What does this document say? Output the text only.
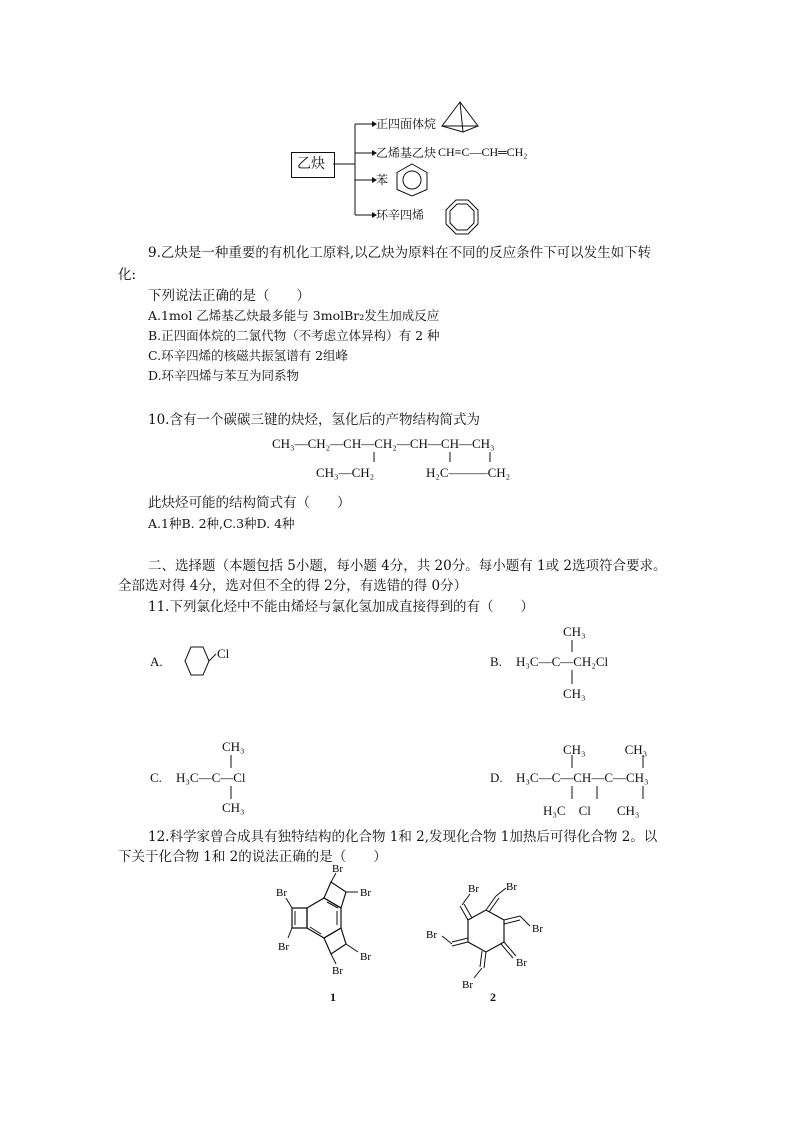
乙炔
正四面体烷
乙烯基乙炔 CH≡C—CH═CH₂
苯
环辛四烯
9.乙炔是一种重要的有机化工原料,以乙炔为原料在不同的反应条件下可以发生如下转
化:
下列说法正确的是（　　）
A.1mol 乙烯基乙炔最多能与 3molBr₂发生加成反应
B.正四面体烷的二氯代物（不考虑立体异构）有 2 种
C.环辛四烯的核磁共振氢谱有 2组峰
D.环辛四烯与苯互为同系物
10.含有一个碳碳三键的炔烃，氢化后的产物结构简式为
CH₃—CH₂—CH—CH₂—CH—CH—CH₃
CH₃—CH₂	H₂C———CH₂
此炔烃可能的结构简式有（　　）
A.1种B. 2种,C.3种D. 4种
二、选择题（本题包括 5小题，每小题 4分，共 20分。每小题有 1或 2选项符合要求。
全部选对得 4分，选对但不全的得 2分，有选错的得 0分）
11.下列氯化烃中不能由烯烃与氯化氢加成直接得到的有（　　）
A.
Cl
B.
CH₃
H₃C—C—CH₂Cl
CH₃
C.
CH₃
H₃C—C—Cl
CH₃
D.
CH₃　　　CH₃
H₃C—C—CH—C—CH₃
H₃C　Cl　　CH₃
12.科学家曾合成具有独特结构的化合物 1和 2,发现化合物 1加热后可得化合物 2。以
下关于化合物 1和 2的说法正确的是（　　）
Br
Br
Br
Br
Br
Br
1
Br
Br
Br
Br
Br
Br
2
